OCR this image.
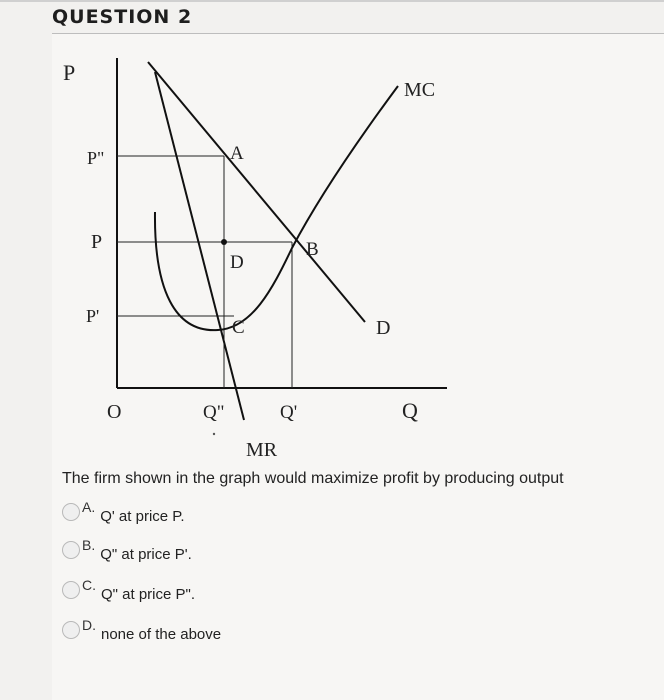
QUESTION 2
P
MC
P"	A
P
D
B
P'
C	D
O	Q"	Q'	Q
MR
The firm shown in the graph would maximize profit by producing output
A.
Q' at price P.
B.
Q" at price P'.
C.
Q" at price P".
D.
none of the above
